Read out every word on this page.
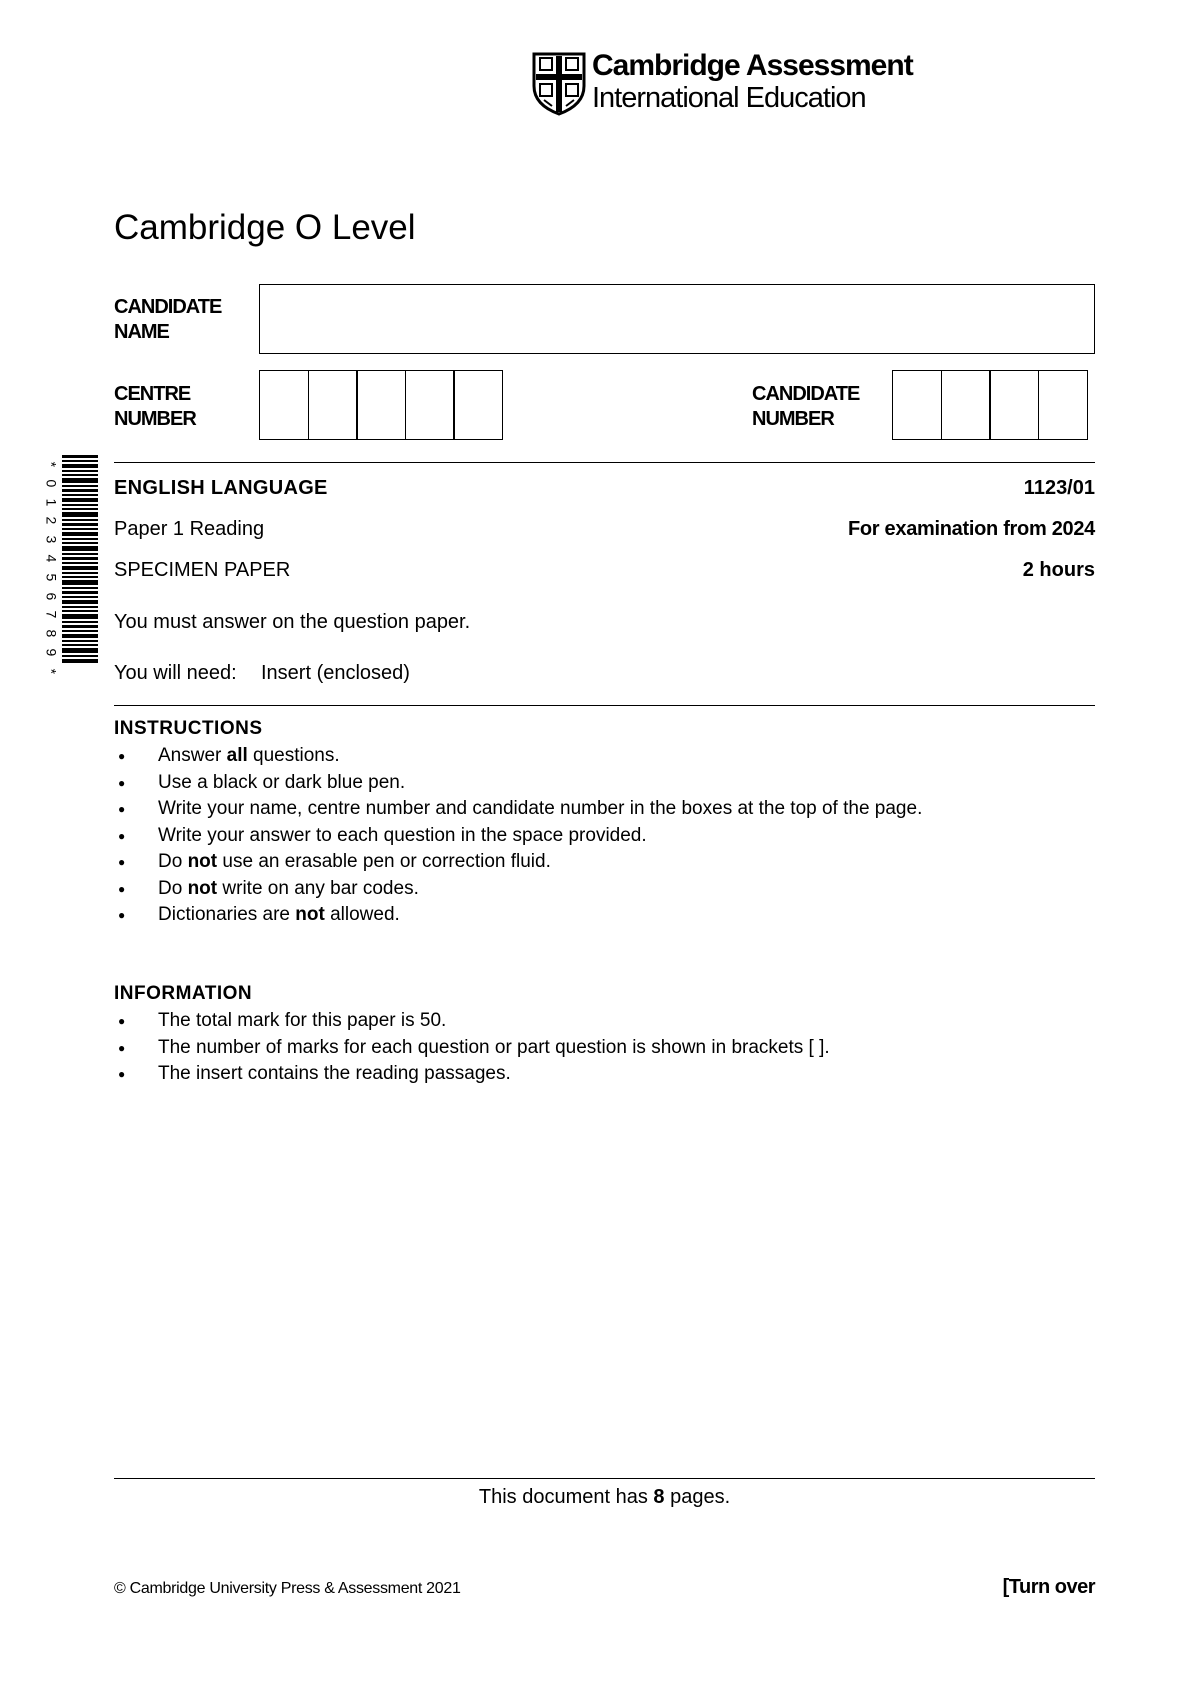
Cambridge Assessment
International Education
Cambridge O Level
CANDIDATE NAME
CENTRE NUMBER
CANDIDATE NUMBER
*
0
1
2
3
4
5
6
7
8
9
*
ENGLISH LANGUAGE	1123/01
Paper 1 Reading	For examination from 2024
SPECIMEN PAPER	2 hours
You must answer on the question paper.
You will need: Insert (enclosed)
INSTRUCTIONS
● Answer all questions.
● Use a black or dark blue pen.
● Write your name, centre number and candidate number in the boxes at the top of the page.
● Write your answer to each question in the space provided.
● Do not use an erasable pen or correction fluid.
● Do not write on any bar codes.
● Dictionaries are not allowed.
INFORMATION
● The total mark for this paper is 50.
● The number of marks for each question or part question is shown in brackets [ ].
● The insert contains the reading passages.
This document has 8 pages.
© Cambridge University Press & Assessment 2021	[Turn over
